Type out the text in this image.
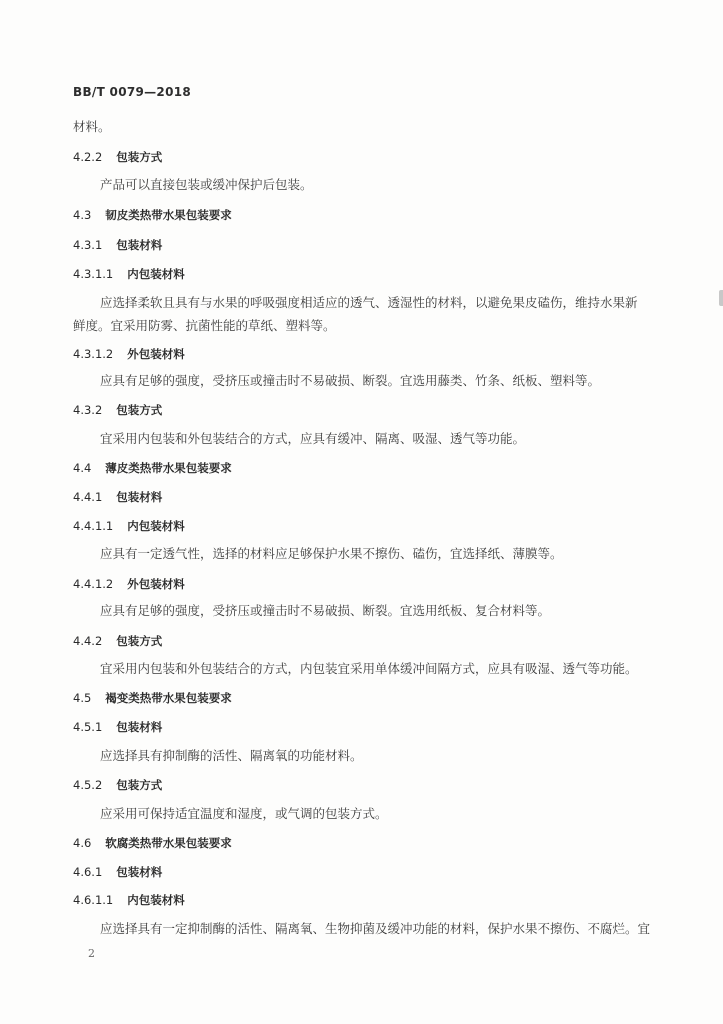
BB/T 0079—2018
材料。
4.2.2 包装方式
产品可以直接包装或缓冲保护后包装。
4.3 韧皮类热带水果包装要求
4.3.1 包装材料
4.3.1.1 内包装材料
应选择柔软且具有与水果的呼吸强度相适应的透气、透湿性的材料，以避免果皮磕伤，维持水果新
鲜度。宜采用防雾、抗菌性能的草纸、塑料等。
4.3.1.2 外包装材料
应具有足够的强度，受挤压或撞击时不易破损、断裂。宜选用藤类、竹条、纸板、塑料等。
4.3.2 包装方式
宜采用内包装和外包装结合的方式，应具有缓冲、隔离、吸湿、透气等功能。
4.4 薄皮类热带水果包装要求
4.4.1 包装材料
4.4.1.1 内包装材料
应具有一定透气性，选择的材料应足够保护水果不擦伤、磕伤，宜选择纸、薄膜等。
4.4.1.2 外包装材料
应具有足够的强度，受挤压或撞击时不易破损、断裂。宜选用纸板、复合材料等。
4.4.2 包装方式
宜采用内包装和外包装结合的方式，内包装宜采用单体缓冲间隔方式，应具有吸湿、透气等功能。
4.5 褐变类热带水果包装要求
4.5.1 包装材料
应选择具有抑制酶的活性、隔离氧的功能材料。
4.5.2 包装方式
应采用可保持适宜温度和湿度，或气调的包装方式。
4.6 软腐类热带水果包装要求
4.6.1 包装材料
4.6.1.1 内包装材料
应选择具有一定抑制酶的活性、隔离氧、生物抑菌及缓冲功能的材料，保护水果不擦伤、不腐烂。宜
2
